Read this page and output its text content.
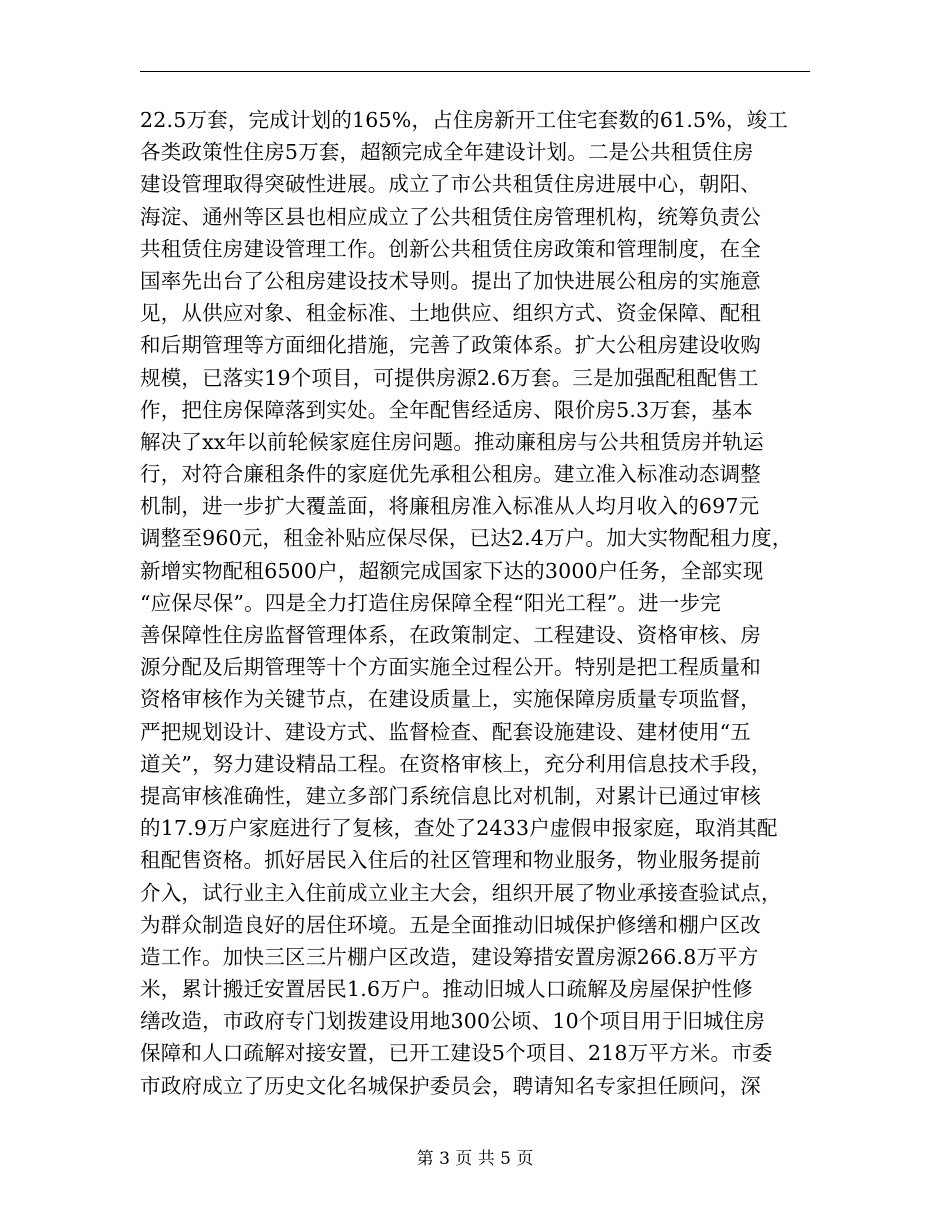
22.5万套，完成计划的165%，占住房新开工住宅套数的61.5%，竣工
各类政策性住房5万套，超额完成全年建设计划。二是公共租赁住房
建设管理取得突破性进展。成立了市公共租赁住房进展中心，朝阳、
海淀、通州等区县也相应成立了公共租赁住房管理机构，统筹负责公
共租赁住房建设管理工作。创新公共租赁住房政策和管理制度，在全
国率先出台了公租房建设技术导则。提出了加快进展公租房的实施意
见，从供应对象、租金标准、土地供应、组织方式、资金保障、配租
和后期管理等方面细化措施，完善了政策体系。扩大公租房建设收购
规模，已落实19个项目，可提供房源2.6万套。三是加强配租配售工
作，把住房保障落到实处。全年配售经适房、限价房5.3万套，基本
解决了xx年以前轮候家庭住房问题。推动廉租房与公共租赁房并轨运
行，对符合廉租条件的家庭优先承租公租房。建立准入标准动态调整
机制，进一步扩大覆盖面，将廉租房准入标准从人均月收入的697元
调整至960元，租金补贴应保尽保，已达2.4万户。加大实物配租力度，
新增实物配租6500户，超额完成国家下达的3000户任务，全部实现
“应保尽保”。四是全力打造住房保障全程“阳光工程”。进一步完
善保障性住房监督管理体系，在政策制定、工程建设、资格审核、房
源分配及后期管理等十个方面实施全过程公开。特别是把工程质量和
资格审核作为关键节点，在建设质量上，实施保障房质量专项监督，
严把规划设计、建设方式、监督检查、配套设施建设、建材使用“五
道关”，努力建设精品工程。在资格审核上，充分利用信息技术手段，
提高审核准确性，建立多部门系统信息比对机制，对累计已通过审核
的17.9万户家庭进行了复核，查处了2433户虚假申报家庭，取消其配
租配售资格。抓好居民入住后的社区管理和物业服务，物业服务提前
介入，试行业主入住前成立业主大会，组织开展了物业承接查验试点，
为群众制造良好的居住环境。五是全面推动旧城保护修缮和棚户区改
造工作。加快三区三片棚户区改造，建设筹措安置房源266.8万平方
米，累计搬迁安置居民1.6万户。推动旧城人口疏解及房屋保护性修
缮改造，市政府专门划拨建设用地300公顷、10个项目用于旧城住房
保障和人口疏解对接安置，已开工建设5个项目、218万平方米。市委
市政府成立了历史文化名城保护委员会，聘请知名专家担任顾问，深
第 3 页 共 5 页
